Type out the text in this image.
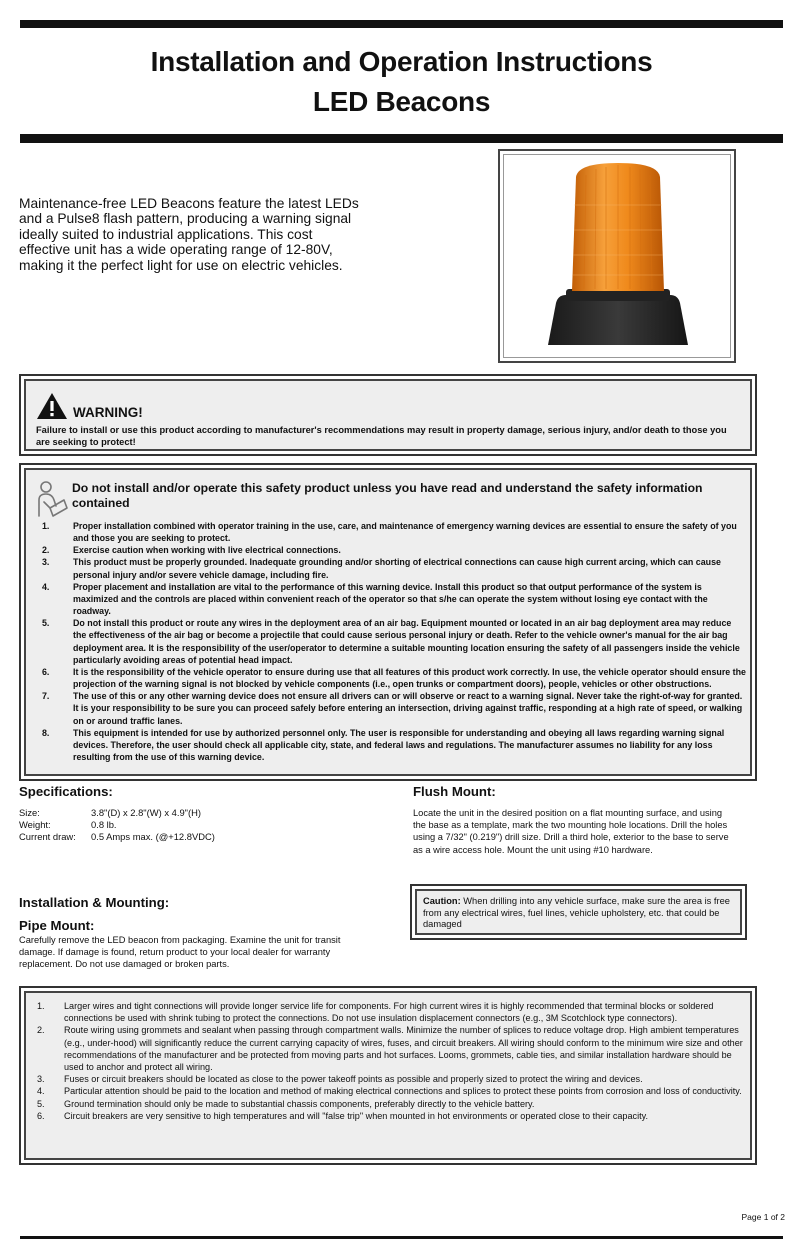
Installation and Operation Instructions
LED Beacons
Maintenance-free LED Beacons feature the latest LEDs and a Pulse8 flash pattern, producing a warning signal ideally suited to industrial applications. This cost effective unit has a wide operating range of 12-80V, making it the perfect light for use on electric vehicles.
WARNING!
Failure to install or use this product according to manufacturer's recommendations may result in property damage, serious injury, and/or death to those you are seeking to protect!
Do not install and/or operate this safety product unless you have read and understand the safety information contained
1.	Proper installation combined with operator training in the use, care, and maintenance of emergency warning devices are essential to ensure the safety of you and those you are seeking to protect.
2.	Exercise caution when working with live electrical connections.
3.	This product must be properly grounded. Inadequate grounding and/or shorting of electrical connections can cause high current arcing, which can cause personal injury and/or severe vehicle damage, including fire.
4.	Proper placement and installation are vital to the performance of this warning device. Install this product so that output performance of the system is maximized and the controls are placed within convenient reach of the operator so that s/he can operate the system without losing eye contact with the roadway.
5.	Do not install this product or route any wires in the deployment area of an air bag. Equipment mounted or located in an air bag deployment area may reduce the effectiveness of the air bag or become a projectile that could cause serious personal injury or death. Refer to the vehicle owner's manual for the air bag deployment area. It is the responsibility of the user/operator to determine a suitable mounting location ensuring the safety of all passengers inside the vehicle particularly avoiding areas of potential head impact.
6.	It is the responsibility of the vehicle operator to ensure during use that all features of this product work correctly. In use, the vehicle operator should ensure the projection of the warning signal is not blocked by vehicle components (i.e., open trunks or compartment doors), people, vehicles or other obstructions.
7.	The use of this or any other warning device does not ensure all drivers can or will observe or react to a warning signal. Never take the right-of-way for granted. It is your responsibility to be sure you can proceed safely before entering an intersection, driving against traffic, responding at a high rate of speed, or walking on or around traffic lanes.
8.	This equipment is intended for use by authorized personnel only. The user is responsible for understanding and obeying all laws regarding warning signal devices. Therefore, the user should check all applicable city, state, and federal laws and regulations. The manufacturer assumes no liability for any loss resulting from the use of this warning device.
Specifications:
Size:	3.8"(D) x 2.8"(W) x 4.9"(H)
Weight:	0.8 lb.
Current draw:	0.5 Amps max. (@+12.8VDC)
Flush Mount:
Locate the unit in the desired position on a flat mounting surface, and using the base as a template, mark the two mounting hole locations. Drill the holes using a 7/32" (0.219") drill size. Drill a third hole, exterior to the base to serve as a wire access hole. Mount the unit using #10 hardware.
Installation & Mounting:
Pipe Mount:
Carefully remove the LED beacon from packaging. Examine the unit for transit damage. If damage is found, return product to your local dealer for warranty replacement. Do not use damaged or broken parts.
Caution: When drilling into any vehicle surface, make sure the area is free from any electrical wires, fuel lines, vehicle upholstery, etc. that could be damaged
1. Larger wires and tight connections will provide longer service life for components. For high current wires it is highly recommended that terminal blocks or soldered connections be used with shrink tubing to protect the connections. Do not use insulation displacement connectors (e.g., 3M Scotchlock type connectors).
2. Route wiring using grommets and sealant when passing through compartment walls. Minimize the number of splices to reduce voltage drop. High ambient temperatures (e.g., under-hood) will significantly reduce the current carrying capacity of wires, fuses, and circuit breakers. All wiring should conform to the minimum wire size and other recommendations of the manufacturer and be protected from moving parts and hot surfaces. Looms, grommets, cable ties, and similar installation hardware should be used to anchor and protect all wiring.
3. Fuses or circuit breakers should be located as close to the power takeoff points as possible and properly sized to protect the wiring and devices.
4. Particular attention should be paid to the location and method of making electrical connections and splices to protect these points from corrosion and loss of conductivity.
5. Ground termination should only be made to substantial chassis components, preferably directly to the vehicle battery.
6. Circuit breakers are very sensitive to high temperatures and will "false trip" when mounted in hot environments or operated close to their capacity.
Page 1 of 2
